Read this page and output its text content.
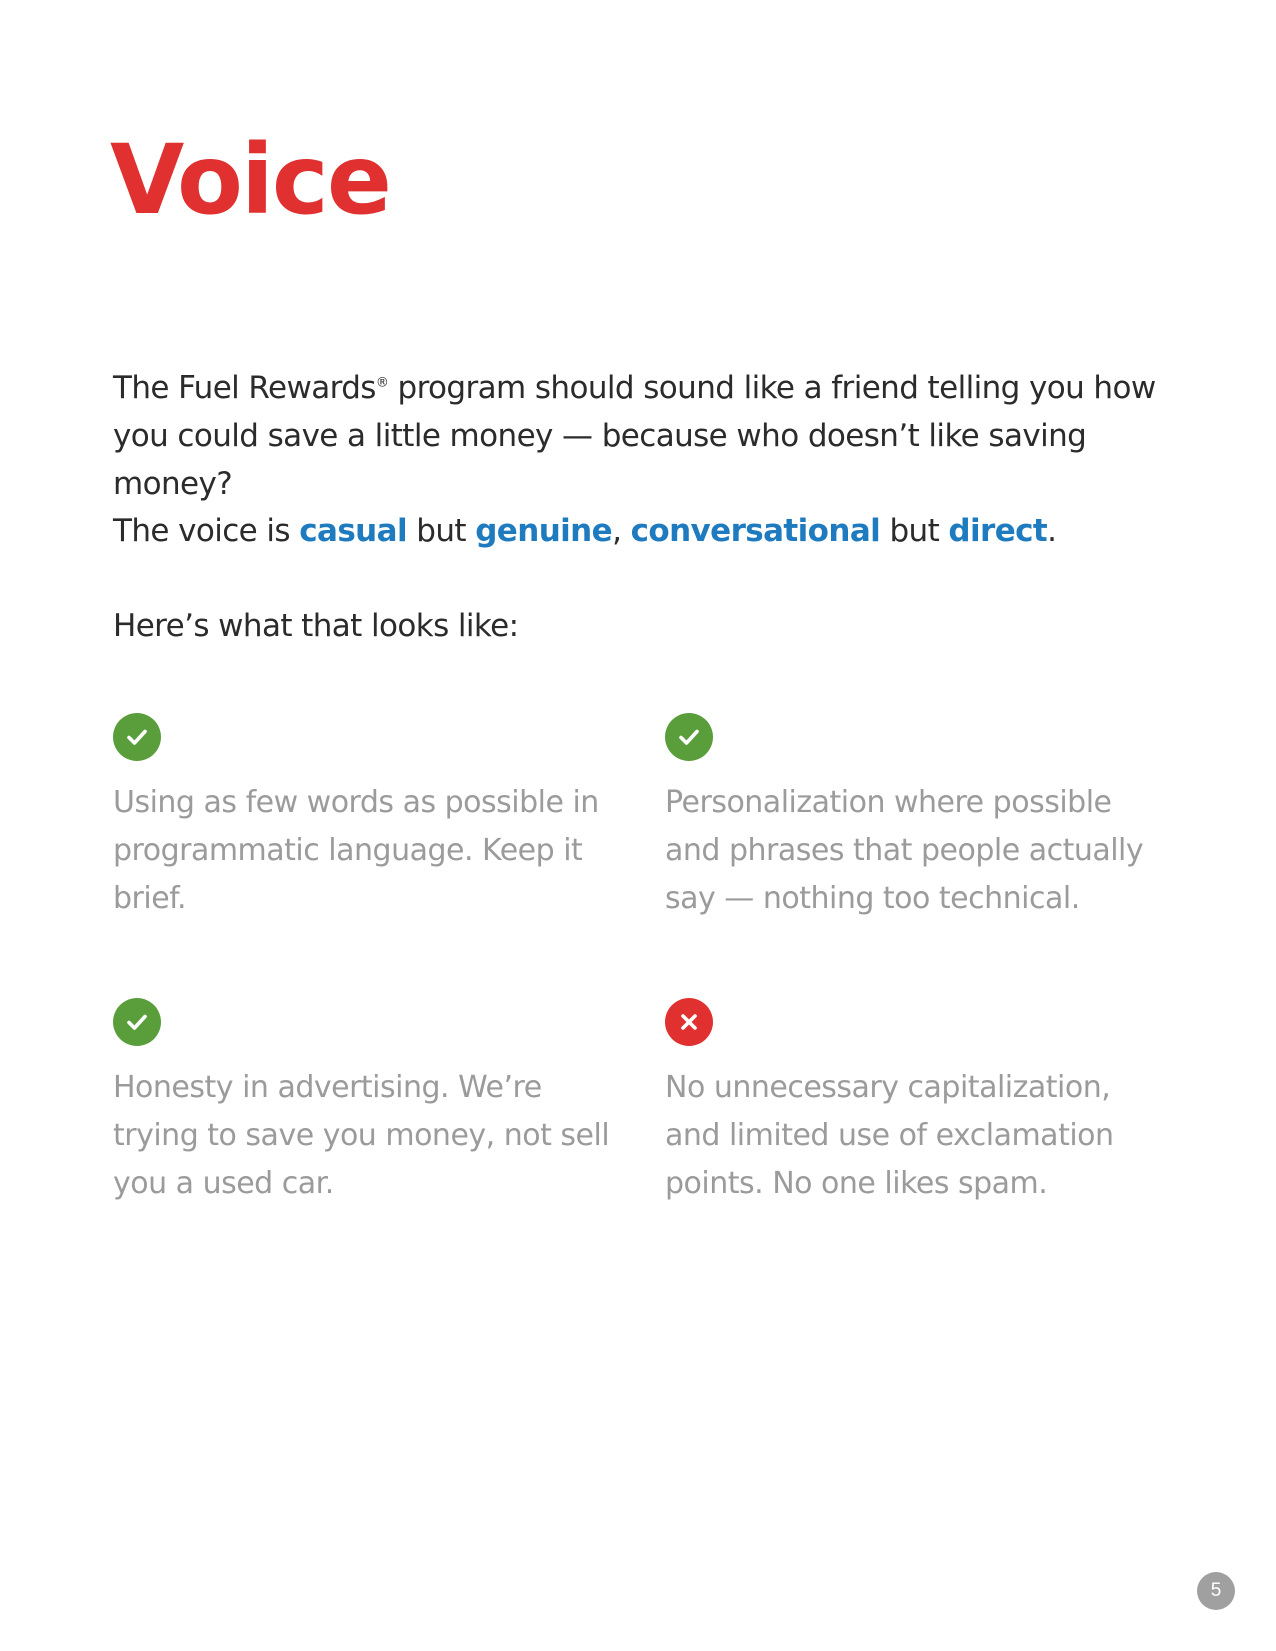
Voice

The Fuel Rewards® program should sound like a friend telling you how you could save a little money — because who doesn’t like saving money?

The voice is casual but genuine, conversational but direct.

Here’s what that looks like:

Using as few words as possible in programmatic language. Keep it brief.

Personalization where possible and phrases that people actually say — nothing too technical.

Honesty in advertising. We’re trying to save you money, not sell you a used car.

No unnecessary capitalization, and limited use of exclamation points. No one likes spam.

5
